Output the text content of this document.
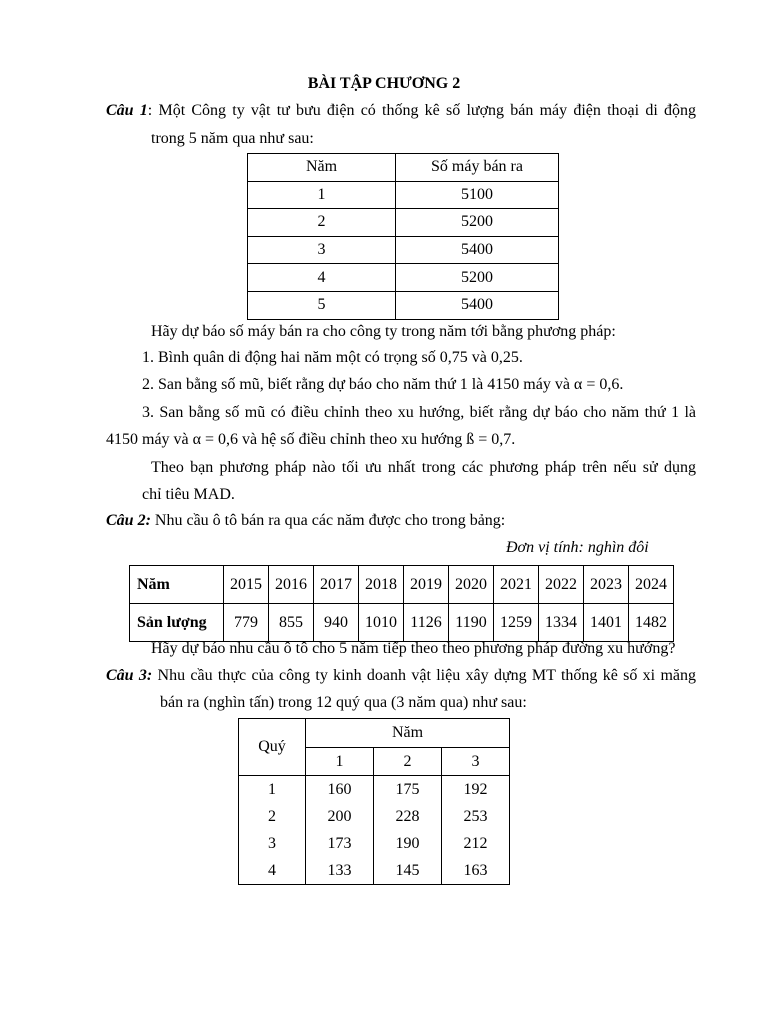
BÀI TẬP CHƯƠNG 2
Câu 1: Một Công ty vật tư bưu điện có thống kê số lượng bán máy điện thoại di động
trong 5 năm qua như sau:
Năm	Số máy bán ra
1	5100
2	5200
3	5400
4	5200
5	5400
Hãy dự báo số máy bán ra cho công ty trong năm tới bằng phương pháp:
1. Bình quân di động hai năm một có trọng số 0,75 và 0,25.
2. San bằng số mũ, biết rằng dự báo cho năm thứ 1 là 4150 máy và α = 0,6.
3. San bằng số mũ có điều chỉnh theo xu hướng, biết rằng dự báo cho năm thứ 1 là
4150 máy và α = 0,6 và hệ số điều chỉnh theo xu hướng ß = 0,7.
Theo bạn phương pháp nào tối ưu nhất trong các phương pháp trên nếu sử dụng
chỉ tiêu MAD.
Câu 2: Nhu cầu ô tô bán ra qua các năm được cho trong bảng:
Đơn vị tính: nghìn đôi
Năm	2015	2016	2017	2018	2019	2020	2021	2022	2023	2024
Sản lượng	779	855	940	1010	1126	1190	1259	1334	1401	1482
Hãy dự báo nhu cầu ô tô cho 5 năm tiếp theo theo phương pháp đường xu hướng?
Câu 3: Nhu cầu thực của công ty kinh doanh vật liệu xây dựng MT thống kê số xi măng
bán ra (nghìn tấn) trong 12 quý qua (3 năm qua) như sau:
Quý	Năm		
	1	2	3
1	160	175	192
2	200	228	253
3	173	190	212
4	133	145	163
